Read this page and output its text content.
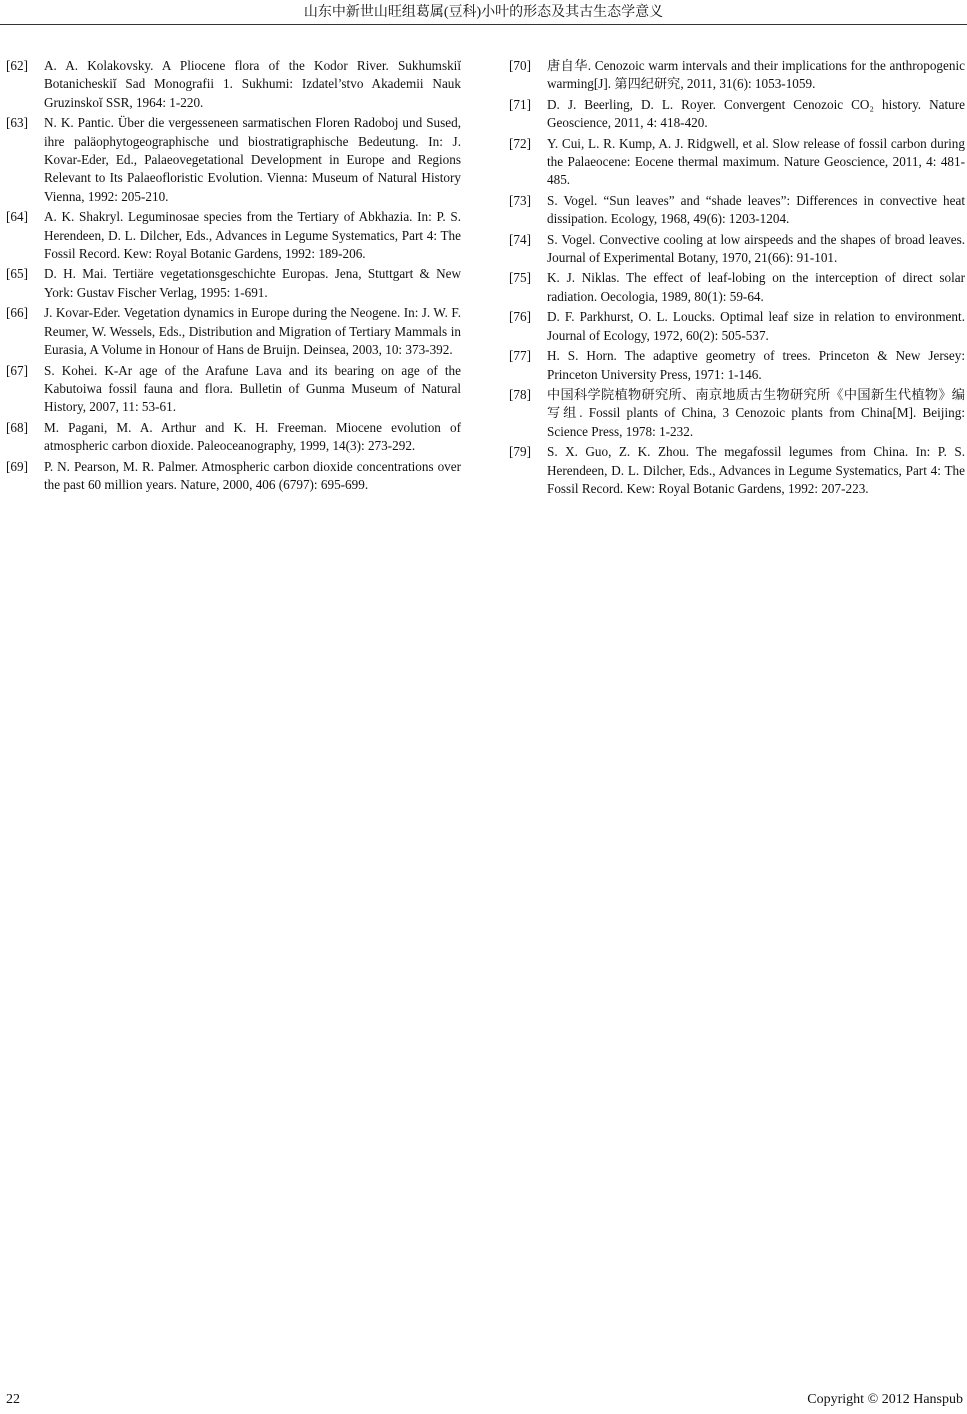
山东中新世山旺组葛属(豆科)小叶的形态及其古生态学意义
[62]	A. A. Kolakovsky. A Pliocene flora of the Kodor River. Sukhumskiĭ Botanicheskiĭ Sad Monografii 1. Sukhumi: Izdatel’stvo Akademii Nauk Gruzinskoĭ SSR, 1964: 1-220.
[63]	N. K. Pantic. Über die vergesseneen sarmatischen Floren Radoboj und Sused, ihre paläophytogeographische und biostratigraphische Bedeutung. In: J. Kovar-Eder, Ed., Palaeovegetational Development in Europe and Regions Relevant to Its Palaeofloristic Evolution. Vienna: Museum of Natural History Vienna, 1992: 205-210.
[64]	A. K. Shakryl. Leguminosae species from the Tertiary of Abkhazia. In: P. S. Herendeen, D. L. Dilcher, Eds., Advances in Legume Systematics, Part 4: The Fossil Record. Kew: Royal Botanic Gardens, 1992: 189-206.
[65]	D. H. Mai. Tertiäre vegetationsgeschichte Europas. Jena, Stuttgart & New York: Gustav Fischer Verlag, 1995: 1-691.
[66]	J. Kovar-Eder. Vegetation dynamics in Europe during the Neogene. In: J. W. F. Reumer, W. Wessels, Eds., Distribution and Migration of Tertiary Mammals in Eurasia, A Volume in Honour of Hans de Bruijn. Deinsea, 2003, 10: 373-392.
[67]	S. Kohei. K-Ar age of the Arafune Lava and its bearing on age of the Kabutoiwa fossil fauna and flora. Bulletin of Gunma Museum of Natural History, 2007, 11: 53-61.
[68]	M. Pagani, M. A. Arthur and K. H. Freeman. Miocene evolution of atmospheric carbon dioxide. Paleoceanography, 1999, 14(3): 273-292.
[69]	P. N. Pearson, M. R. Palmer. Atmospheric carbon dioxide concentrations over the past 60 million years. Nature, 2000, 406 (6797): 695-699.
[70]	唐自华. Cenozoic warm intervals and their implications for the anthropogenic warming[J]. 第四纪研究, 2011, 31(6): 1053-1059.
[71]	D. J. Beerling, D. L. Royer. Convergent Cenozoic CO₂ history. Nature Geoscience, 2011, 4: 418-420.
[72]	Y. Cui, L. R. Kump, A. J. Ridgwell, et al. Slow release of fossil carbon during the Palaeocene: Eocene thermal maximum. Nature Geoscience, 2011, 4: 481-485.
[73]	S. Vogel. “Sun leaves” and “shade leaves”: Differences in convective heat dissipation. Ecology, 1968, 49(6): 1203-1204.
[74]	S. Vogel. Convective cooling at low airspeeds and the shapes of broad leaves. Journal of Experimental Botany, 1970, 21(66): 91-101.
[75]	K. J. Niklas. The effect of leaf-lobing on the interception of direct solar radiation. Oecologia, 1989, 80(1): 59-64.
[76]	D. F. Parkhurst, O. L. Loucks. Optimal leaf size in relation to environment. Journal of Ecology, 1972, 60(2): 505-537.
[77]	H. S. Horn. The adaptive geometry of trees. Princeton & New Jersey: Princeton University Press, 1971: 1-146.
[78]	中国科学院植物研究所、南京地质古生物研究所《中国新生代植物》编写组. Fossil plants of China, 3 Cenozoic plants from China[M]. Beijing: Science Press, 1978: 1-232.
[79]	S. X. Guo, Z. K. Zhou. The megafossil legumes from China. In: P. S. Herendeen, D. L. Dilcher, Eds., Advances in Legume Systematics, Part 4: The Fossil Record. Kew: Royal Botanic Gardens, 1992: 207-223.
22	Copyright © 2012 Hanspub
